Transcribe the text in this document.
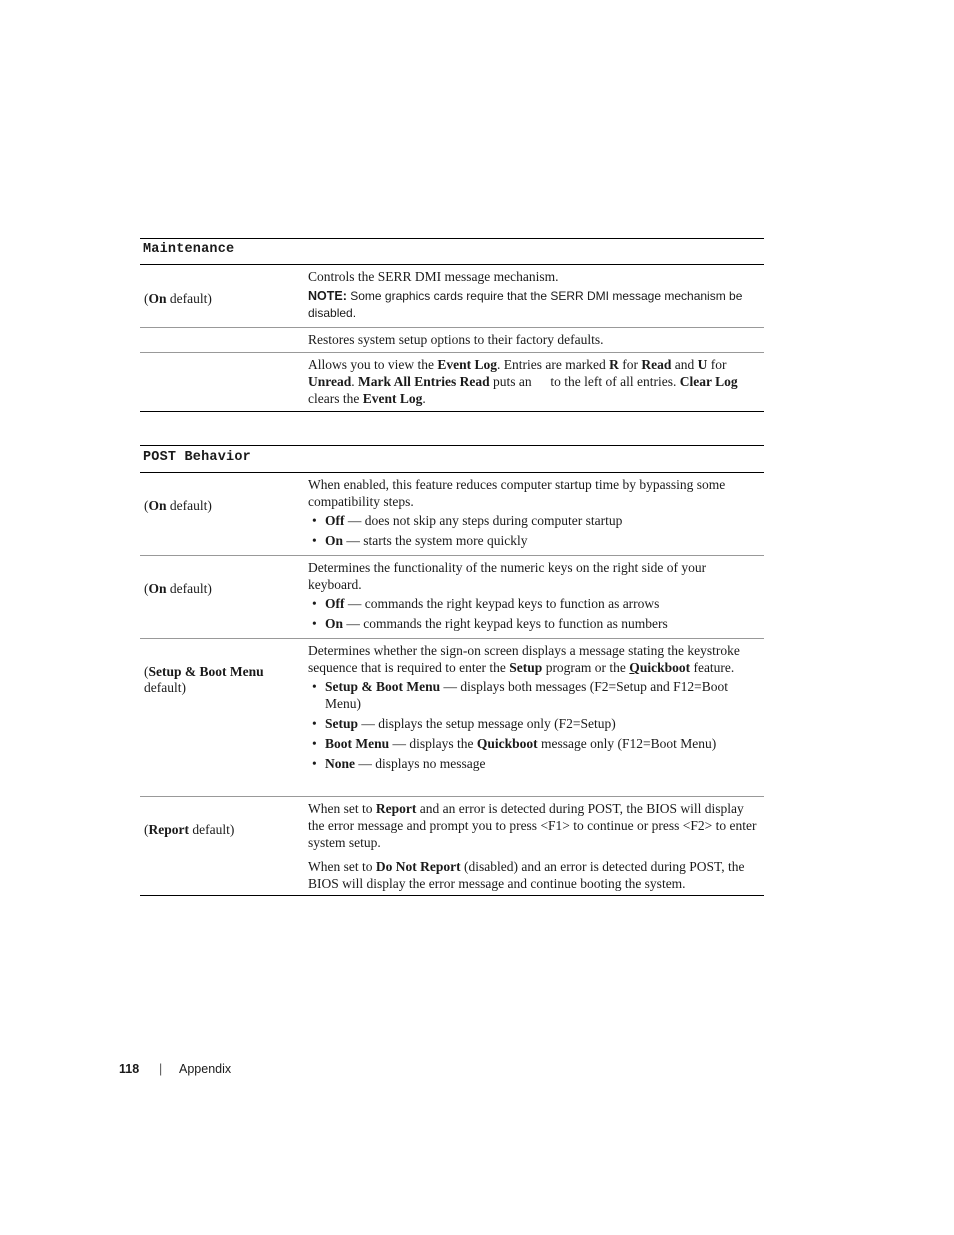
Maintenance
(On default)

Controls the SERR DMI message mechanism.

NOTE: Some graphics cards require that the SERR DMI message mechanism be disabled.

Restores system setup options to their factory defaults.

Allows you to view the Event Log. Entries are marked R for Read and U for Unread. Mark All Entries Read puts an  to the left of all entries. Clear Log clears the Event Log.

POST Behavior
(On default)

When enabled, this feature reduces computer startup time by bypassing some compatibility steps.

• Off — does not skip any steps during computer startup
• On — starts the system more quickly
(On default)

Determines the functionality of the numeric keys on the right side of your keyboard.

• Off — commands the right keypad keys to function as arrows
• On — commands the right keypad keys to function as numbers
(Setup & Boot Menu default)

Determines whether the sign-on screen displays a message stating the keystroke sequence that is required to enter the Setup program or the Quickboot feature.

• Setup & Boot Menu — displays both messages (F2=Setup and F12=Boot Menu)
• Setup — displays the setup message only (F2=Setup)
• Boot Menu — displays the Quickboot message only (F12=Boot Menu)
• None — displays no message
(Report default)

When set to Report and an error is detected during POST, the BIOS will display the error message and prompt you to press <F1> to continue or press <F2> to enter system setup.

When set to Do Not Report (disabled) and an error is detected during POST, the BIOS will display the error message and continue booting the system.

118 | Appendix
